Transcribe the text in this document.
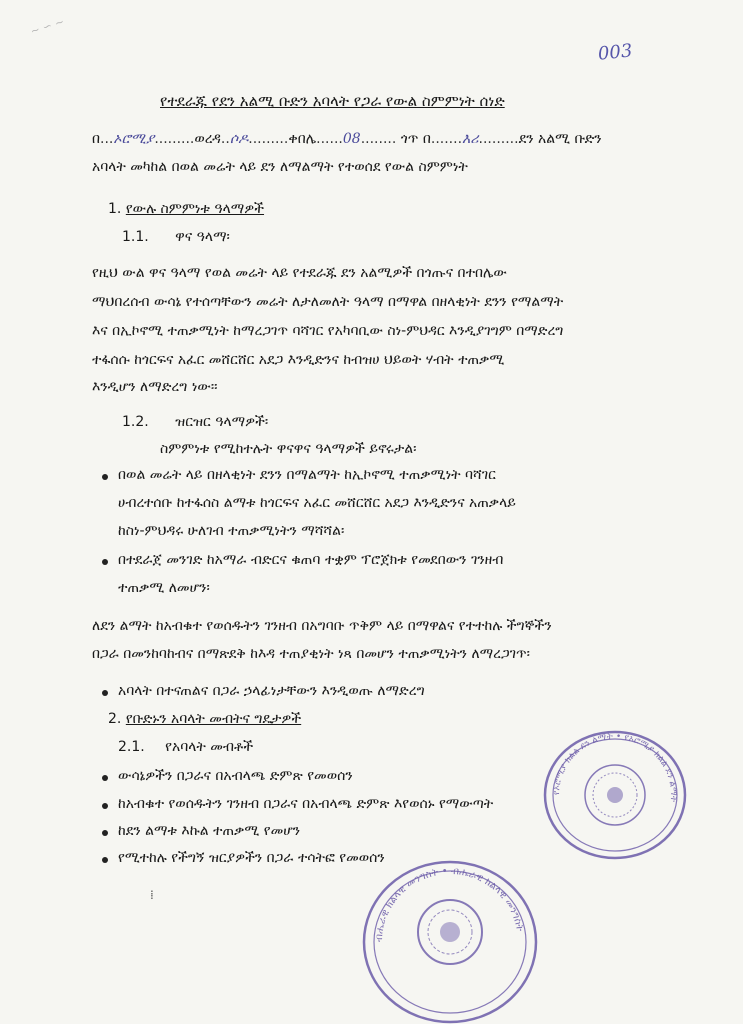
∼ ∽ ∼
003
የተደራጁ የደን አልሚ ቡድን አባላት የጋራ የውል ስምምነት ሰነድ
በ...ኦሮሚያ.........ወረዳ..ሶዶ.........ቀበሌ......08........ ጎጥ በ.......እሪ.........ደን አልሚ ቡድን
አባላት መካከል በወል መሬት ላይ ደን ለማልማት የተወሰደ የውል ስምምነት
1. የውሉ ስምምነቱ ዓላማዎች
1.1. ዋና ዓላማ፡
የዚህ ውል ዋና ዓላማ የወል መሬት ላይ የተደራጁ ደን አልሚዎች በጎጡና በተበሌው
ማህበረሰብ ውሳኔ የተሰጣቸውን መሬት ለታለመለት ዓላማ በማዋል በዘላቂነት ደንን የማልማት
እና በኢኮኖሚ ተጠቃሚነት ከማረጋገጥ ባሻገር የአካባቢው ስነ-ምህዳር እንዲያገግም በማድረግ
ተፋሰሱ ከጎርፍና አፈር መሸርሸር አደጋ እንዲድንና ከብዝሀ ህይወት ሃብት ተጠቃሚ
እንዲሆን ለማድረግ ነው፡፡
1.2. ዝርዝር ዓላማዎች፡
ስምምነቱ የሚከተሉት ዋናዋና ዓላማዎች ይኖሩታል፡
በወል መሬት ላይ በዘላቂነት ደንን በማልማት ከኢኮኖሚ ተጠቃሚነት ባሻገር
ሀብረተሰቡ ከተፋሰስ ልማቱ ከጎርፍና አፈር መሸርሸር አደጋ እንዲድንና አጠቃላይ
ከስነ-ምህዳሩ ሁለገብ ተጠቃሚነትን ማሻሻል፡
በተደራጀ መንገድ ከአማራ ብድርና ቁጠባ ተቋም ፕሮጀክቱ የመደበውን ገንዘብ
ተጠቃሚ ለመሆን፡
ለደን ልማት ከአብቁተ የወሰዱትን ገንዘብ በአግባቡ ጥቅም ላይ በማዋልና የተተከሉ ችግኞችን
በጋራ በመንከባከብና በማጽደቅ ከእዳ ተጠያቂነት ነጻ በመሆን ተጠቃሚነትን ለማረጋገጥ፡
አባላት በተናጠልና በጋራ ኃላፊነታቸውን እንዲወጡ ለማድረግ
2. የቡድኑን አባላት መብትና ግዴታዎች
2.1. የአባላት መብቶች
ውሳኔዎችን በጋራና በአብላጫ ድምጽ የመወሰን
ከአብቁተ የወሰዱትን ገንዘብ በጋራና በአብላጫ ድምጽ እየወሰኑ የማውጣት
ከደን ልማቱ እኩል ተጠቃሚ የመሆን
የሚተከሉ የችግኝ ዝርያዎችን በጋራ ተሳትፎ የመወሰን
⁞
የኦሮሚያ ክልል ደን ልማት • የኦሮሚያ ክልል ደን ልማት
ብሔራዊ ክልላዊ መንግስት • ብሔራዊ ክልላዊ መንግስት
